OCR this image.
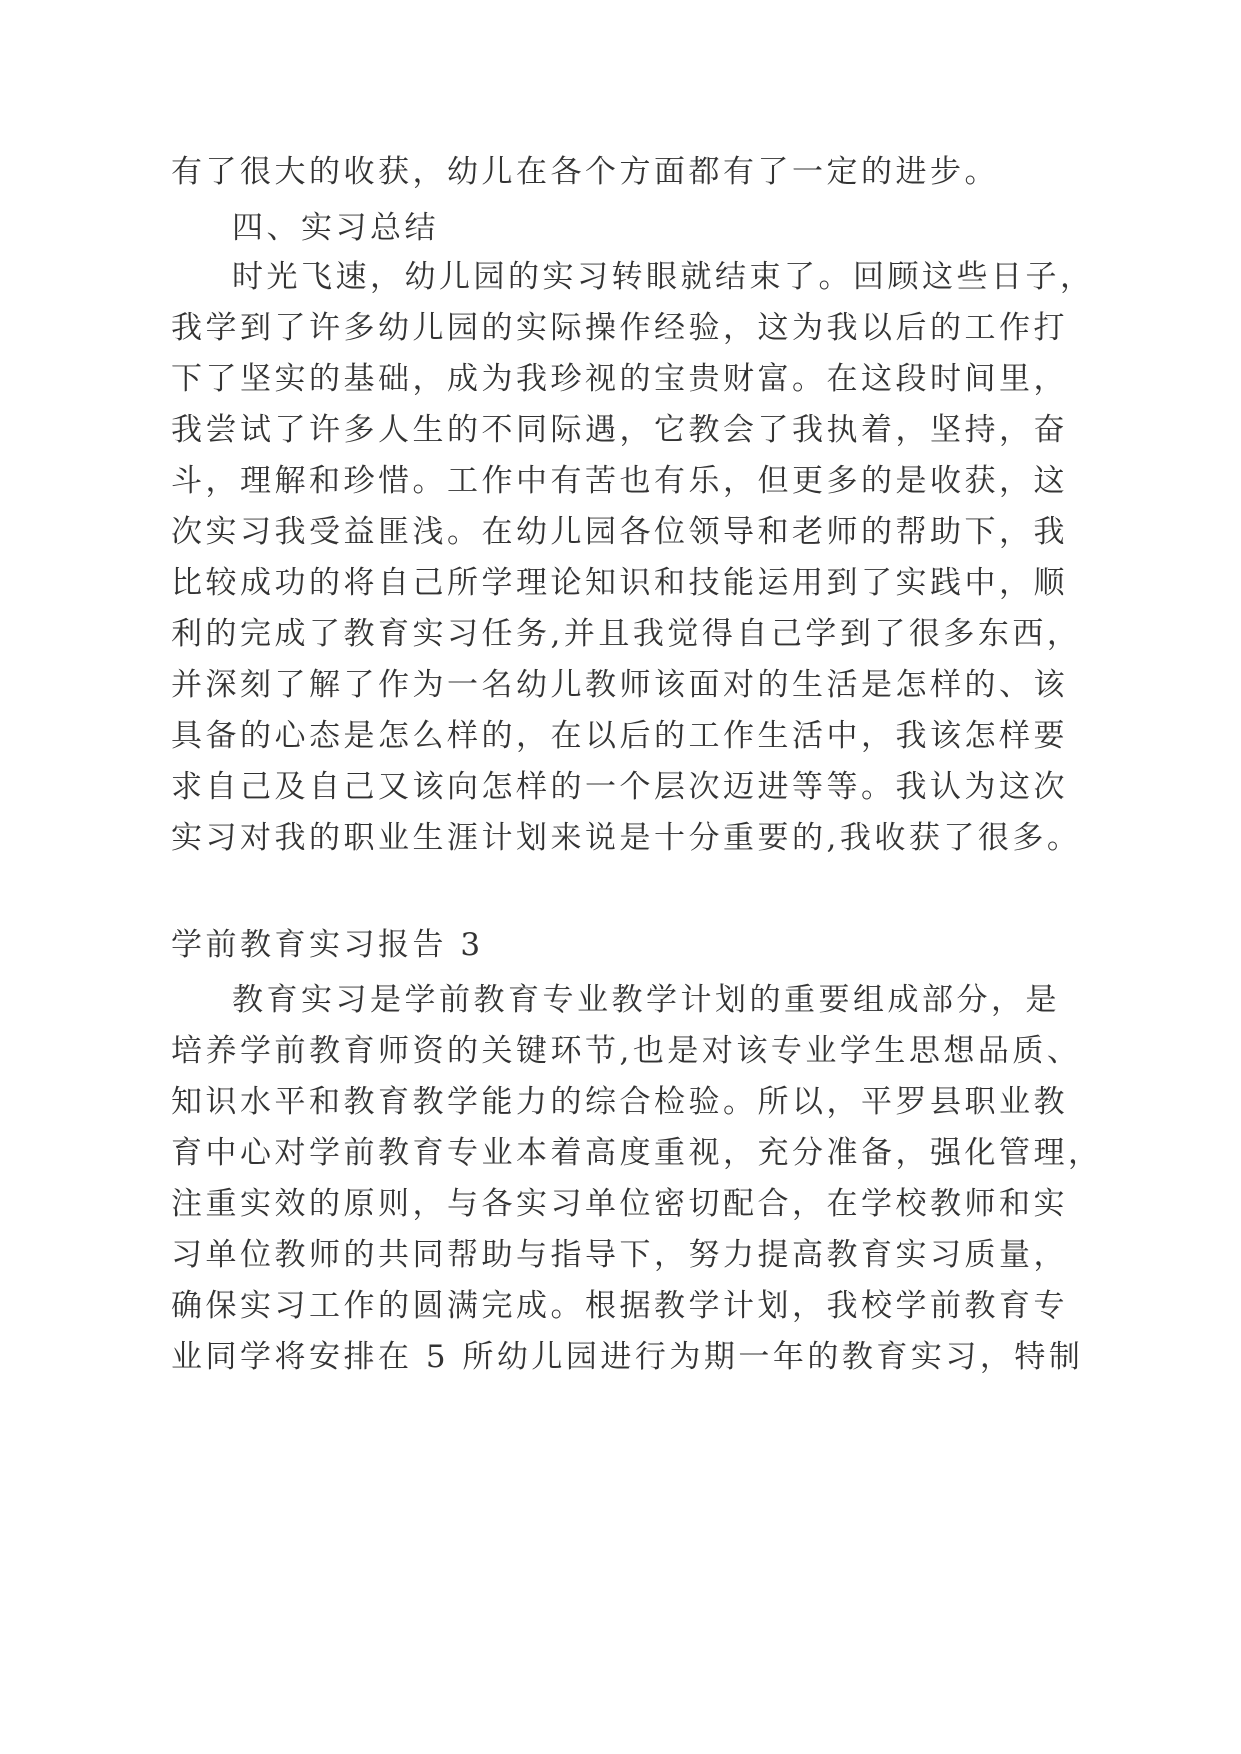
有了很大的收获，幼儿在各个方面都有了一定的进步。
四、实习总结
时光飞速，幼儿园的实习转眼就结束了。回顾这些日子，
我学到了许多幼儿园的实际操作经验，这为我以后的工作打
下了坚实的基础，成为我珍视的宝贵财富。在这段时间里，
我尝试了许多人生的不同际遇，它教会了我执着，坚持，奋
斗，理解和珍惜。工作中有苦也有乐，但更多的是收获，这
次实习我受益匪浅。在幼儿园各位领导和老师的帮助下，我
比较成功的将自己所学理论知识和技能运用到了实践中，顺
利的完成了教育实习任务,并且我觉得自己学到了很多东西，
并深刻了解了作为一名幼儿教师该面对的生活是怎样的、该
具备的心态是怎么样的，在以后的工作生活中，我该怎样要
求自己及自己又该向怎样的一个层次迈进等等。我认为这次
实习对我的职业生涯计划来说是十分重要的,我收获了很多。
学前教育实习报告 3
教育实习是学前教育专业教学计划的重要组成部分，是
培养学前教育师资的关键环节,也是对该专业学生思想品质、
知识水平和教育教学能力的综合检验。所以，平罗县职业教
育中心对学前教育专业本着高度重视，充分准备，强化管理，
注重实效的原则，与各实习单位密切配合，在学校教师和实
习单位教师的共同帮助与指导下，努力提高教育实习质量，
确保实习工作的圆满完成。根据教学计划，我校学前教育专
业同学将安排在 5 所幼儿园进行为期一年的教育实习，特制
